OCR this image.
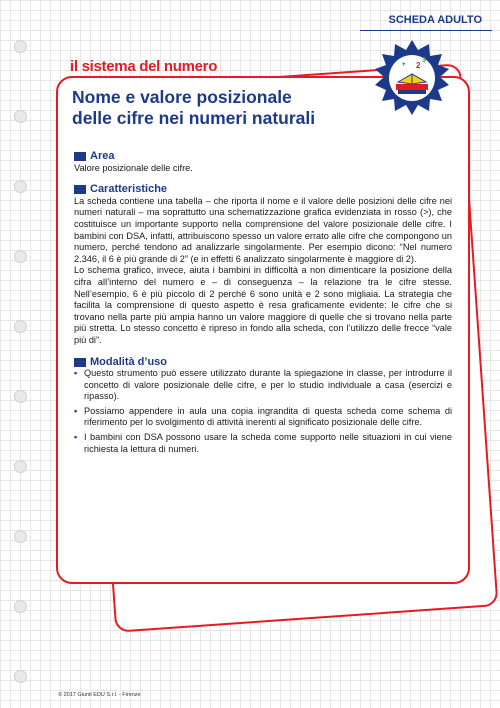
SCHEDA ADULTO
il sistema del numero	2
3
+
Nome e valore posizionale
delle cifre nei numeri naturali
Area

Valore posizionale delle cifre.

Caratteristiche

La scheda contiene una tabella – che riporta il nome e il valore delle posizioni delle cifre nei numeri naturali – ma soprattutto una schematizzazione grafica evidenziata in rosso (>), che costituisce un importante supporto nella comprensione del valore posizionale delle cifre. I bambini con DSA, infatti, attribuiscono spesso un valore errato alle cifre che compongono un numero, perché tendono ad analizzarle singolarmente. Per esempio dicono: “Nel numero 2.346, il 6 è più grande di 2” (e in effetti 6 analizzato singolarmente è maggiore di 2).

Lo schema grafico, invece, aiuta i bambini in difficoltà a non dimenticare la posizione della cifra all’interno del numero e – di conseguenza – la relazione tra le cifre stesse. Nell’esempio, 6 è più piccolo di 2 perché 6 sono unità e 2 sono migliaia. La strategia che facilita la comprensione di questo aspetto è resa graficamente evidente: le cifre che si trovano nella parte più ampia hanno un valore maggiore di quelle che si trovano nella parte più stretta. Lo stesso concetto è ripreso in fondo alla scheda, con l’utilizzo delle frecce “vale più di”.

Modalità d’uso
• Questo strumento può essere utilizzato durante la spiegazione in classe, per introdurre il concetto di valore posizionale delle cifre, e per lo studio individuale a casa (esercizi e ripasso).
• Possiamo appendere in aula una copia ingrandita di questa scheda come schema di riferimento per lo svolgimento di attività inerenti al significato posizionale delle cifre.
• I bambini con DSA possono usare la scheda come supporto nelle situazioni in cui viene richiesta la lettura di numeri.
© 2017 Giunti EDU S.r.l. - Firenze
